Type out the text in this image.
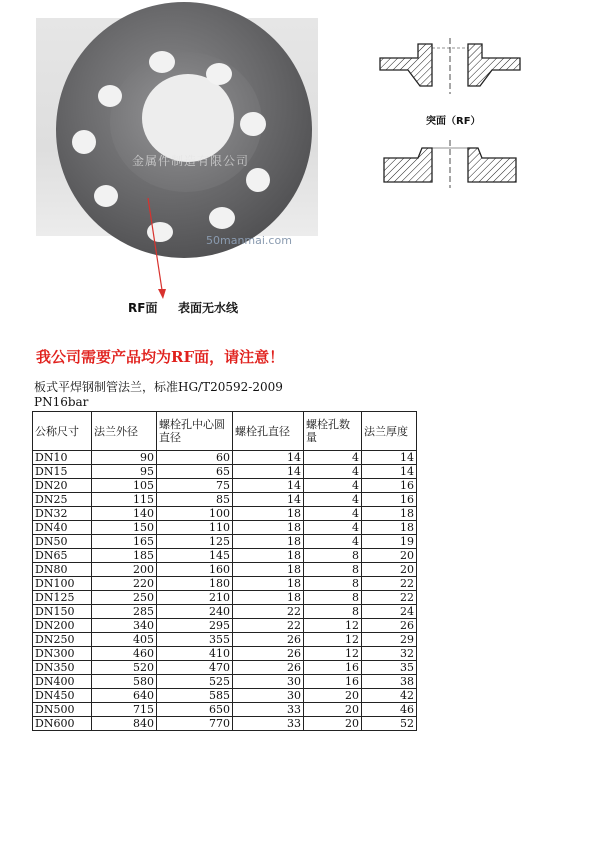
金属件制造有限公司
50manmai.com
RF面 表面无水线
突面（RF）
我公司需要产品均为RF面，请注意！
板式平焊钢制管法兰，标准HG/T20592-2009
PN16bar
公称尺寸	法兰外径	螺栓孔中心圆直径	螺栓孔直径	螺栓孔数量	法兰厚度
DN10	90	60	14	4	14
DN15	95	65	14	4	14
DN20	105	75	14	4	16
DN25	115	85	14	4	16
DN32	140	100	18	4	18
DN40	150	110	18	4	18
DN50	165	125	18	4	19
DN65	185	145	18	8	20
DN80	200	160	18	8	20
DN100	220	180	18	8	22
DN125	250	210	18	8	22
DN150	285	240	22	8	24
DN200	340	295	22	12	26
DN250	405	355	26	12	29
DN300	460	410	26	12	32
DN350	520	470	26	16	35
DN400	580	525	30	16	38
DN450	640	585	30	20	42
DN500	715	650	33	20	46
DN600	840	770	33	20	52
